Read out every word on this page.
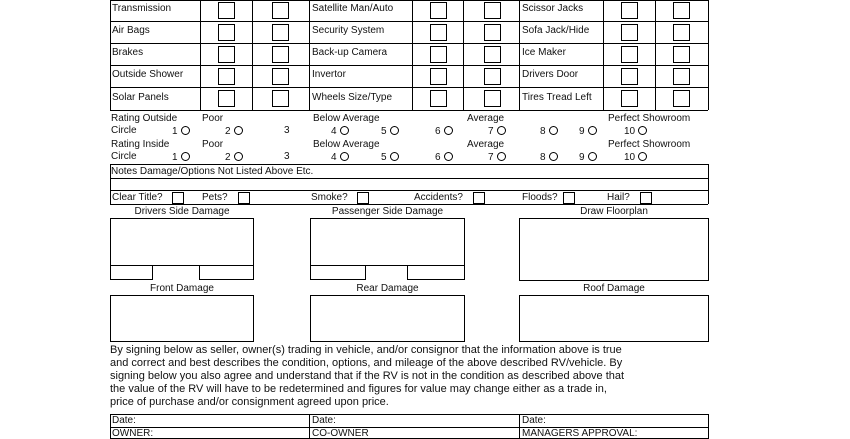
Transmission	Satellite Man/Auto	Scissor Jacks
Air Bags	Security System	Sofa Jack/Hide
Brakes	Back-up Camera	Ice Maker
Outside Shower	Invertor	Drivers Door
Solar Panels	Wheels Size/Type	Tires Tread Left
Rating Outside Poor	Below Average	Average	Perfect Showroom
Circle	1	2	3	4	5	6	7	8	9	10
Rating Inside	Poor	Below Average	Average	Perfect Showroom
Circle	1	2	3	4	5	6	7	8	9	10
Notes Damage/Options Not Listed Above Etc.
Clear Title?	Pets?	Smoke?	Accidents?	Floods?	Hail?
Drivers Side Damage	Passenger Side Damage	Draw Floorplan
Front Damage	Rear Damage	Roof Damage
By signing below as seller, owner(s) trading in vehicle, and/or consignor that the information above is true
and correct and best describes the condition, options, and mileage of the above described RV/vehicle. By
signing below you also agree and understand that if the RV is not in the condition as described above that
the value of the RV will have to be redetermined and figures for value may change either as a trade in,
price of purchase and/or consignment agreed upon price.
Date:	Date:	Date:
OWNER:	CO-OWNER	MANAGERS APPROVAL:
